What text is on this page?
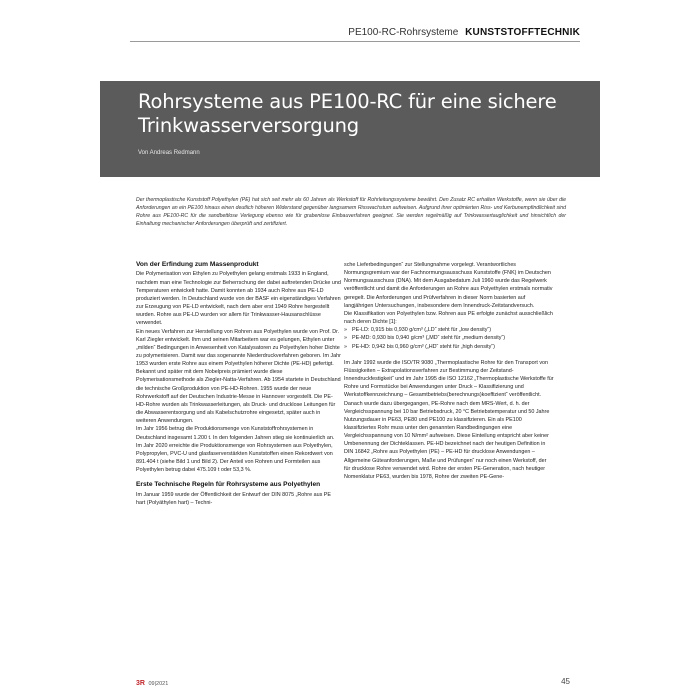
PE100-RC-Rohrsysteme KUNSTSTOFFTECHNIK
Rohrsysteme aus PE100-RC für eine sichere Trinkwasserversorgung
Von Andreas Redmann

Der thermoplastische Kunststoff Polyethylen (PE) hat sich seit mehr als 60 Jahren als Werkstoff für Rohrleitungssysteme bewährt. Den Zusatz RC erhalten Werkstoffe, wenn sie über die Anforderungen an ein PE100 hinaus einen deutlich höheren Widerstand gegenüber langsamem Risswachstum aufweisen. Aufgrund ihrer optimierten Riss- und Kerbunempfindlichkeit sind Rohre aus PE100-RC für die sandbettlose Verlegung ebenso wie für grabenlose Einbauverfahren geeignet. Sie werden regelmäßig auf Trinkwassertauglichkeit und hinsichtlich der Einhaltung mechanischer Anforderungen überprüft und zertifiziert.

Von der Erfindung zum Massenprodukt

Die Polymerisation von Ethylen zu Polyethylen gelang erstmals 1933 in England, nachdem man eine Technologie zur Beherrschung der dabei auftretenden Drücke und Temperaturen entwickelt hatte. Damit konnten ab 1934 auch Rohre aus PE-LD produziert werden. In Deutschland wurde von der BASF ein eigenständiges Verfahren zur Erzeugung von PE-LD entwickelt, nach dem aber erst 1949 Rohre hergestellt wurden. Rohre aus PE-LD wurden vor allem für Trinkwasser-Hausanschlüsse verwendet.

Ein neues Verfahren zur Herstellung von Rohren aus Polyethylen wurde von Prof. Dr. Karl Ziegler entwickelt. Ihm und seinen Mitarbeitern war es gelungen, Ethylen unter „milden“ Bedingungen in Anwesenheit von Katalysatoren zu Polyethylen hoher Dichte zu polymerisieren. Damit war das sogenannte Niederdruckverfahren geboren. Im Jahr 1953 wurden erste Rohre aus einem Polyethylen höherer Dichte (PE-HD) gefertigt. Bekannt und später mit dem Nobelpreis prämiert wurde diese Polymerisationsmethode als Ziegler-Natta-Verfahren. Ab 1954 startete in Deutschland die technische Großproduktion von PE-HD-Rohren. 1955 wurde der neue Rohrwerkstoff auf der Deutschen Industrie-Messe in Hannover vorgestellt. Die PE-HD-Rohre wurden als Trinkwasserleitungen, als Druck- und drucklose Leitungen für die Abwasserentsorgung und als Kabelschutzrohre eingesetzt, später auch in weiteren Anwendungen.

Im Jahr 1956 betrug die Produktionsmenge von Kunststoffrohrsystemen in Deutschland insgesamt 1.200 t. In den folgenden Jahren stieg sie kontinuierlich an. Im Jahr 2020 erreichte die Produktionsmenge von Rohrsystemen aus Polyethylen, Polypropylen, PVC-U und glasfaserverstärkten Kunststoffen einen Rekordwert von 891.404 t (siehe Bild 1 und Bild 2). Der Anteil von Rohren und Formteilen aus Polyethylen betrug dabei 475.109 t oder 53,3 %.

Erste Technische Regeln für Rohrsysteme aus Polyethylen

Im Januar 1959 wurde der Öffentlichkeit der Entwurf der DIN 8075 „Rohre aus PE hart (Polyäthylen hart) – Techni-

sche Lieferbedingungen“ zur Stellungnahme vorgelegt. Verantwortliches Normungsgremium war der Fachnormungsausschuss Kunststoffe (FNK) im Deutschen Normungsausschuss (DNA). Mit dem Ausgabedatum Juli 1960 wurde das Regelwerk veröffentlicht und damit die Anforderungen an Rohre aus Polyethylen erstmals normativ geregelt. Die Anforderungen und Prüfverfahren in dieser Norm basierten auf langjährigen Untersuchungen, insbesondere dem Innendruck-Zeitstandversuch.

Die Klassifikation von Polyethylen bzw. Rohren aus PE erfolgte zunächst ausschließlich nach deren Dichte [1]:

» PE-LD: 0,915 bis 0,930 g/cm³ („LD“ steht für „low density“)
» PE-MD: 0,930 bis 0,940 g/cm³ („MD“ steht für „medium density“)
» PE-HD: 0,942 bis 0,960 g/cm³ („HD“ steht für „high density“)

Im Jahr 1992 wurde die ISO/TR 9080 „Thermoplastische Rohre für den Transport von Flüssigkeiten – Extrapolationsverfahren zur Bestimmung der Zeitstand-Innendruckfestigkeit“ und im Jahr 1995 die ISO 12162 „Thermoplastische Werkstoffe für Rohre und Formstücke bei Anwendungen unter Druck – Klassifizierung und Werkstoffkennzeichnung – Gesamtbetriebs(berechnungs)koeffizient“ veröffentlicht. Danach wurde dazu übergegangen, PE-Rohre nach dem MRS-Wert, d. h. der Vergleichsspannung bei 10 bar Betriebsdruck, 20 °C Betriebstemperatur und 50 Jahre Nutzungsdauer in PE63, PE80 und PE100 zu klassifizieren. Ein als PE100 klassifiziertes Rohr muss unter den genannten Randbedingungen eine Vergleichsspannung von 10 N/mm² aufweisen. Diese Einteilung entspricht aber keiner Umbenennung der Dichteklassen. PE-HD bezeichnet nach der heutigen Definition in DIN 16842 „Rohre aus Polyethylen (PE) – PE-HD für drucklose Anwendungen – Allgemeine Güteanforderungen, Maße und Prüfungen“ nur noch einen Werkstoff, der für drucklose Rohre verwendet wird. Rohre der ersten PE-Generation, nach heutiger Nomenklatur PE63, wurden bis 1978, Rohre der zweiten PE-Gene-

3R 09|2021	45
